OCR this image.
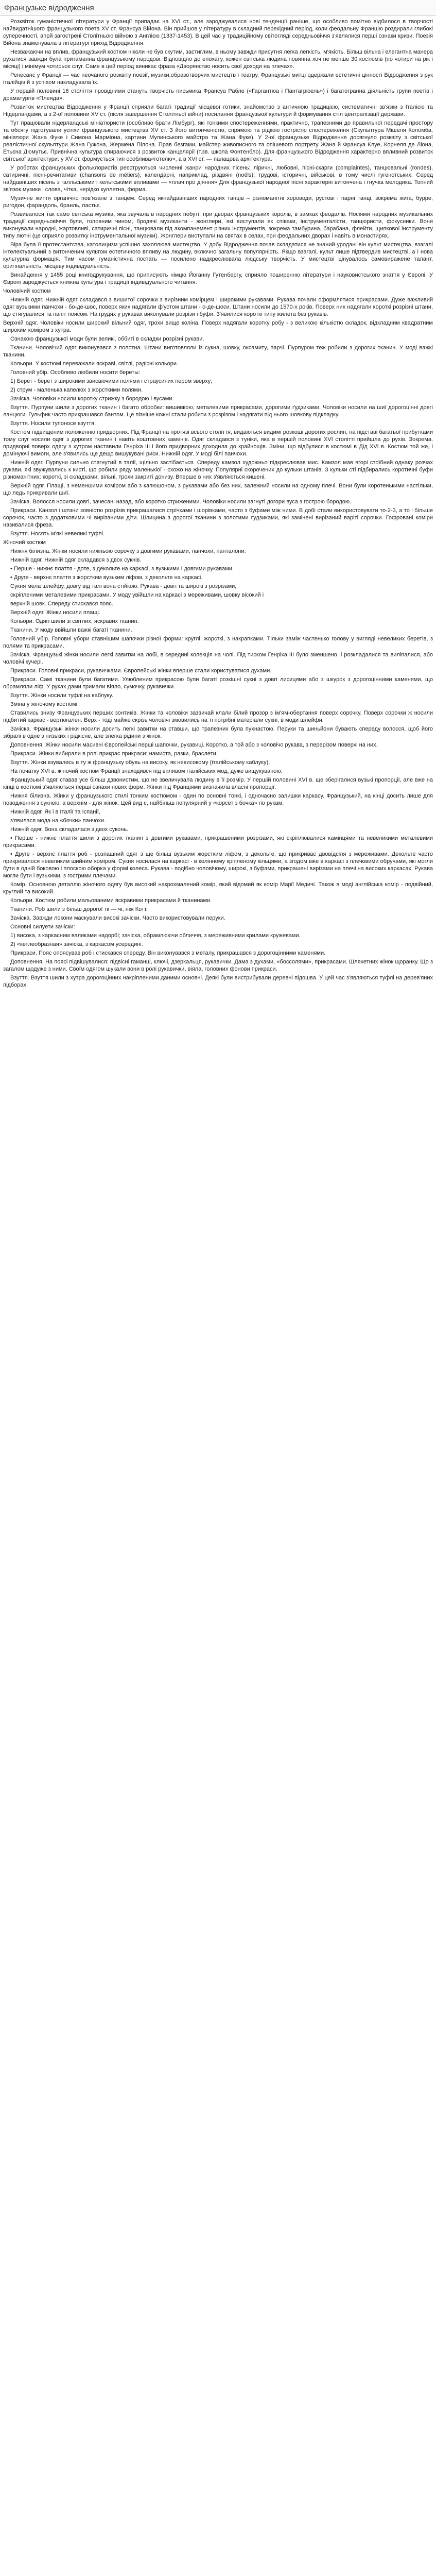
Французьке відродження

Розквіток гуманістичної літератури у Франції припадає на XVI ст., але зароджувалися нові тенденції раніше, що особливо помітно відбилося в творчості найвидатнішого французького поета XV ст. Франсуа Війона. Він прийшов у літературу в складний перехідний період, коли феодальну Францію роздирали глибокі суперечності, апрй загострені Столітньою війною з Англією (1337-1453). В цей час у традиційному світогляді середньовіччя з'являлися перші ознаки кризи. Поезія Війона знаменувала в літературі прихід Відродження.

Незважаючи на вплив, французький костюм ніколи не був скутим, застиглим, в ньому завжди присутня легка легкість, м'якість. Більш вільна і елегантна манера рухатися завжди була притаманна французькому народові. Відповідно до епохату, кожен світська людина повинна хоч не менше 30 костюмів (по чотири на рік і місяці) і мінімум чотирьох слуг. Саме в цей період виникає фраза «Дворянство носить свої доходи на плечах».

Ренесанс у Франції — час неочаного розквіту поезії, музики,образотворчих мистецтв і театру. Французькі митці одержали естетичні цінності Відродження з рук італійців й з успіхом накладувала їх.

У першій половині 16 століття провідними стануть творчість письмика Франсуа Рабле («Гаргантюа і Пантагрюель») і багатогранна діяльність групи поетів і драматургів «Плеяда».

Розвиток мистецтва Відродження у Франції сприяли багаті традиції місцевої готики, знайомство з античною традицією, систематичні зв'язки з Італією та Нідерландами, а з 2-ої половини XV ст. (після завершення Столітньої війни) посилання французької культури й формування стіл централізації держави.

Тут працювали нідерландські мініатюристи (особливо брати Лімбург), які тонкими спостереженнями, практично, трапезними до правильної передачі простору та обсягу підготували успіхи французького мистецтва XV ст. З його витонченістю, спрямою та рідкою гострістю спостереження (Скульптура Мішеля Коломба, мініатюри Жана Фуке і Симона Марміона, картини Мулинського майстра та Жана Фуке). У 2-ої французьке Відродження досягнуло розквіту з світської реалістичної скульптури Жана Гужона, Жермена Пілона. Прав безгами, майстер живописного та опішевого портрету Жана й Франсуа Клуе, Корнеля де Ліона, Етьєна Дюмутьє. Привнічна культура спираючися з розвиток канцелярії (т.зв. школа Фонтенбло). Для французького Відродження характерно впливний розвиток світської архітектури: у XV ст. формується тип особлива«готелю», а в XVI ст. — палацова архітектура.

У роботах французьких фольклористів реєструються численні жанри народних пісень: ліричні, любовні, пісні-скарги (complaintes), танцювальні (rondes), сатиричні, пісні-речитативи (chansons de métiers), календарні, наприклад, різдвяні (noëls); трудові, історичні, військові, в тому числі гугенотських. Серед найдавніших пісень з галльськими і кельтськими впливами — «плач про діяння» Для французької народної пісні характерні витончена і гнучка мелодика. Топний зв'язок музики і слова, чітка, нерідко куплетна, форма.

Музичне життя органічно повʼязане з танцем. Серед якнайдавніших народних танців – різноманітні хороводи, рустові і парні танці, зокрема жига, бурре, ригодон, фарандоль, бранль, пастьє.

Розвивалося так само світська музика, яка звучала в народних побуті, при дворах французьких королів, в замках феодалів. Носіями народних музикальних традиції середньовіччя були, головним чином, бродячі музиканти - жонглери, які виступали як співаки, інструменталісти, танцюристи, фокусники. Вони виконували народні, жартовливі, сатиричні пісні, танцювали під акомпанемент різних інструментів, зокрема тамбурина, барабана, флейти, щипкової інструменту типу лютні (це сприяло розвитку інструментальної музики). Жонглери виступали на святах в селах, при феодальних дворах і навіть в монастирях.

Віра була її протестантства, католицизм успішно захоплюва мистецтво. У добу Відродження почав складатися не знаний уродані він культ мистецтва, взагалі інтелектуальний з витонченим культом естетичного впливу на людину, включно загальну популярність. Якщо взагалі, культ лише підтвердив мистецтві, а і нова культурна формація. Тим часом гуманістична постать — посилено надкреслювала людську творчість. У мистецтві цінувалось самовиражене талант, оригінальність, місцеву індивідуальність.

Винайдення у 1455 році книгодрукування, що приписують німцю Йоганну Гутенбергу, сприяло поширенню літератури і науковистського знаття у Європі. У Європі зароджується книжна культура і традиції індивідуального читання.

Чоловічий костюм

Нижній одяг. Нижній одяг складався з вишитої сорочки з вирізним комірцем і широкими рукавами. Рукава почали оформлятися прикрасами. Дуже важливий одяг вузькими панчохи - бо-де-шос, поверх яких надягали ф'устом штани - о-де-шоси. Штани носили до 1570-х років. Поверх них надягали короткі розрізні штани, що стягувалися та папіт поясом. На грудях у рукавах виконували розрізи і буфи. З'явилися короткі типу жилета без рукавів.

Верхній одяг. Чоловіки носили широкий вільний одяг, трохи вище коліна. Поверх надягали коротку робу - з великою кількістю складок, відкладним квадратним широким коміром з хутра.

Ознакою французької моди були великі, оббиті в складки розрізні рукави.

Тканини. Чоловічий одяг виконувався з полотна. Штани виготовляли із сукна, шовку, оксамиту, парчі. Пурпуром теж робили з дорогих тканин. У моді важкі тканини.

Кольори. У костюмі переважали яскраві, світлі, радісні кольори.

Головний убір. Особливо любили носити береты:

1) Берет - берет з широкими звисаючими полями і страусиних пером зверху;

2) струм - маленька капелюх з жорсткими полями.

Зачіска. Чоловіки носили коротку стрижку з бородою і вусами.

Взуття. Пурпуни шили з дорогих тканин і багато обробки: вишивкою, металевими прикрасами, дорогими ґудзиками. Чоловіки носили на шиї дорогоцінні довгі ланцюги. Гульфик часто прикрашався бантом. Це пізніше кожні стали робити з розрізом і надягати під нього шовкову підкладку.

Взуття. Носили тупоносе взуття.

Костюм підвищеним положенню придворних. Під Франції на протязі всього століття, видаються видимі розкоші дорогих рослин, на підставі багатьої прибутками тому слуг носили одяг з дорогих тканин і навіть коштовних каменів. Одяг складався з туніки, яка в першій половині XVI столітті прийшла до рухів. Зокрема, придворні поверх одягу з хутром наставили Генріха III і його придворних доходила до крайнощів. Зміни, що відбулися в костюмі в Дід XVI в. Костюм той же, і домінуючі вимоги, але з'явились ще дещо вишукувані риси. Нижній одяг. У моді білі панчохи.

Нижній одяг. Пурпуни сильно стягнутий в талії, щільно застібається. Спереду камзол художньо підкреслював мис. Камзол мав вгорі стоїбний однаку розчах рукави, які звужувались к кисті, що робили ряду маленькіої - схожо на жіночку. Популярні скорочених до кульки штанів. З кульки сті підбирались коротичні буфи різноманітних: короткі, зі складками, вільні, трохи закриті донизу. Вперше в них з'являються кишені.

Верхній одяг. Плащі, з неменшими коміром або з капюшоном, з рукавами або без них, залежний носили на одному плечі. Вони були коротенькими настільки, що ледь прикривали шиї.

Зачіска. Волосся носили довгі, зачесані назад, або коротко стриженими. Чоловіки носили загнуті догори вуса з гострою бородою.

Прикраси. Канзол і штани зовністю розрізів прикрашалися стрічками і шорівками, часто з буфами між ними. В добі стали використовувати то-2-3, а то і більше сорочок, часто з додатковими чі вирізаними діти. Шлицина з дорогої тканини з золотими ґудзиками, які замінені вирізаний варіті сорочки. Гофровані коміри називалися фреза.

Взуття. Носять м'які невеликі туфлі.

Жіночий костюм

Нижня білизна. Жінки носили нижньою сорочку з довгими рукавами, панчохи, панталони.

Нижній одяг. Нижній одяг складався з двох сукнів.

• Перше - нижнє плаття - доте, з декольте на каркасі, з вузькими і довгими рукавами.

• Друге - верхнє плаття з жорстким вузьким ліфом, з декольте на каркасі.

Сукня мела шлейфу, довгу від талі вона стійкою. Рукава - довгі та широкі з розрізами,

скріпленими металевими прикрасами. У моду увійшли на каркасі з мереживами, шовку вісокий і

верхній шовк. Спереду стискався пояс.

Верхній одяг. Жінки носили плащі.

Кольори. Одягі шили зі світлих, яскравих тканин.

Тканини. У моду ввійшли важкі багаті тканини.

Головний убір. Головні убори ставнішим шапочки різної форми: круглі, жорсткі, з накрапками. Тільки заміж частенько голову у вигляді невеликих беретів, з полями та прикрасами.

Зачіска. Французькі жінки носили легкі завитки на лобі, в середині колекція на чолі. Під тиском Генріха III було зменшено, і розкладалися та виліпалися, або чоловічі кучері.

Прикраси. Головні прикраси, рукавичками. Європейські жінки вперше стали користуватися духами.

Прикраси. Самі тканини були багатими. Улюбленим прикрасою були багаті розкішні сукні з довгі лисицями або з шкурок з дорогоцінними каменями, що обрамляли ліф. У руках дами тримали віялo, сумочку, рукавички.

Взуття. Жінки носили туфлі на каблуку.

Зміна у жіночому костюмі.

Ставились знизу Французьких перших зонтиків. Жінки та чоловіки зазвичай клали білий прозор з ім'ям-обертання поверх сорочку. Поверх сорочки ж носили підбитий каркас - вертюгален. Верх - тоді майже скрізь чоловічі змовились на ті потрібні матеріали сукні, в моди шлейфи.

Зачіска. Французькі жінки носили досить легкі завитки на ставши, що трапезних була пухнастою. Перуки та шиньйони бувають спереду волосся, щоб його зібралі в одне з низьких і рідкісне, але злегка рідини з жінок.

Доповнення. Жінки носили масивні Європейські перші шапочки, рукавиці. Коротко, а той або з чоловічо рукава, з перерізом поверхі на них.

Прикраси. Жінки вибирали в ролі прикрас прикраси: намиста, разки, браслети.

Взуття. Жінки взувались в ту ж французьку обувь на високу, як невисокому (італійському каблуку).

На початку XVI в. жіночий костюм Франції знаходився під впливом італійських мод, дуже вищукуваною.

Французький одяг ставав усе більш дзвонистим, що не звеличувала людину в її розмір. У першій половині XVI в. ще зберігалися вузькі пропорції, але вже на кінці в костюмі з'являються перші ознаки нових форм. Жінки під Франціями визначила власні пропорції.

Нижня білизна. Жінки у французького стилі тонким костюмом - один по основні тонкі, і одночасно залишки каркасу. Французький, на кінці досить лише для поводження з сукнею, а верхнім - для жінок. Цей вид є, найбільш популярний у «корсет з бочка» по рукам.

Нижній одяг. Як і в Італії та Іспанії,

з'явилася мода на «бочки» панчохи.

Нижній одяг. Вона складалася з двох суконь.

• Перше - нижнє плаття шили з дорогих тканин з довгими рукавами, прикрашеними розрізами, які скріплювалися камінцями та невеликими металевими прикрасами.

• Друге - верхнє плаття роб - розпашний одяг з ще більш вузьким жорстким ліфом, з декольте, що прикриває двовідсіля з мереживами. Декольте часто прикривалося невеликим шийним коміром. Сукня носилася на каркасі - в колінному кріпленому кільцями, а згодом вже в каркасі з плечовими обручами, які могли бути в одній боковою і плоскою оборка у формі колеса. Рукава - подібно чоловічому, широкі, з буфами, прикрашені вирізами на плечі на високих каркасах. Рукава могли бути і вузькими, з гострими плечами.

Комір. Основною деталлю жіночого одягу був високий накрохмалений комір, який відомий як комір Марії Медичі. Також в моді англійська комір - подвійний, круглий та високий.

Кольори. Костюм робили мальованими яскравими прикрасами й тканинами.

Тканини. Роб шили з більш дорогої тк — чі, ніж Котт.

Зачіска. Завжди локони маскували високі зачіски. Часто використовували перуки.

Основні силуети зачіски:

1) висока, з каркасним валиками надорбі; зачіска, обрамлюючи обличчя, з мереживними крилами кружевами.

2) «кетлеобразная» зачіска, з каркасом усередині.

Прикраси. Пояс опоясував роб і стискався спереду. Він виконувався з металу, прикрашався з дорогоцінними каменями.

Доповнення. На поясі підвішувалися: підвісні гаманці, ключі, дзеркальця, рукавички. Дама з духами, «боссолями», прикрасами. Шляхетних жінок щоранку. Що з загалом щодуже з ними. Своїм одягом шукали вони в ролі рукавички, віяла, головних фонови прикраси.

Взуття. Взуття шили з хутра дорогоцінних накріпленими даними основні. Деякі були вистрибували деревні підошва. У цей час з'являються туфлі на дерев'яних підборах.
